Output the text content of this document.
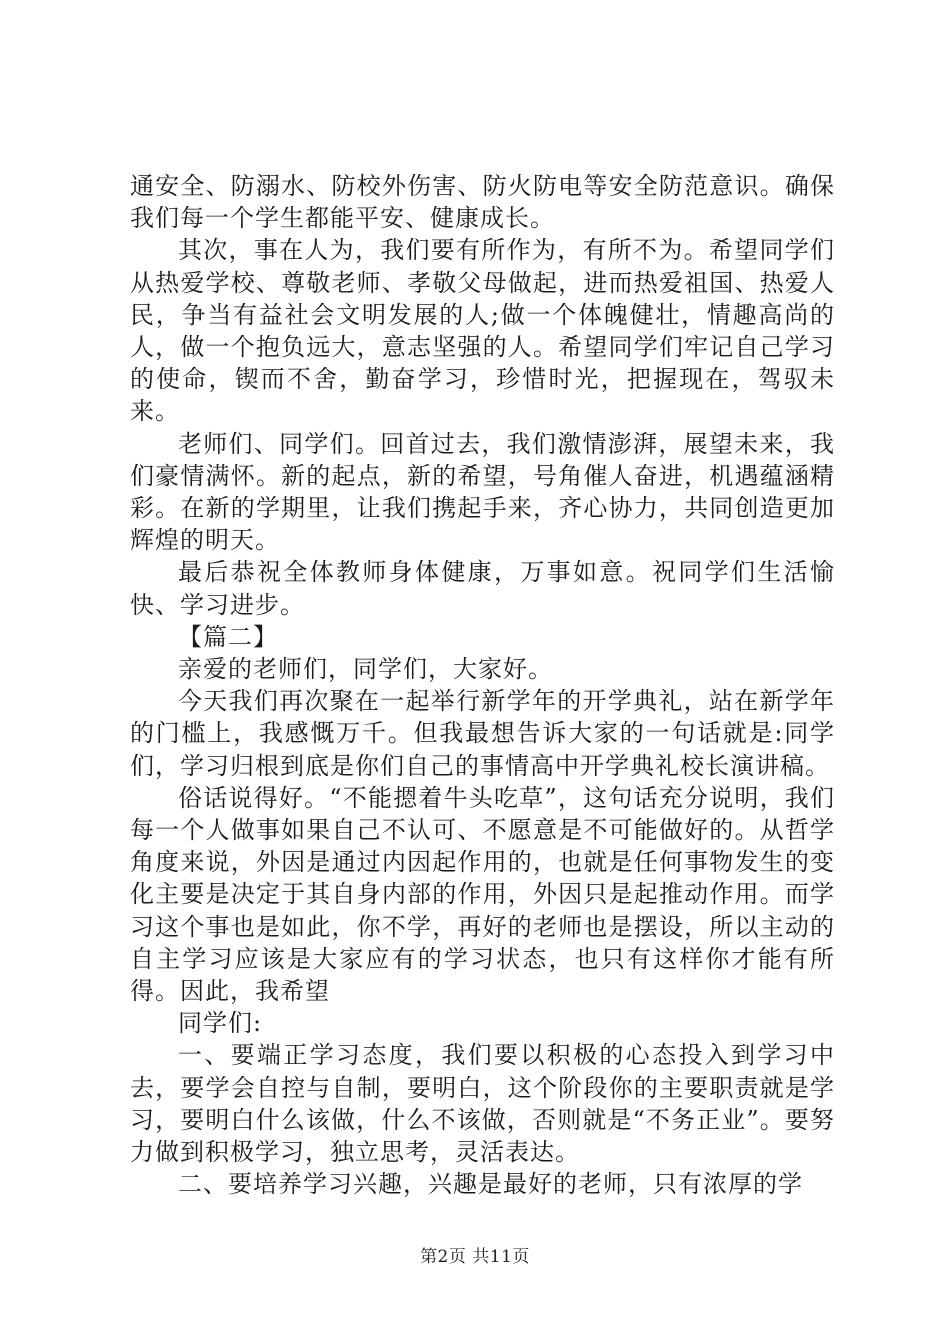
通安全、防溺水、防校外伤害、防火防电等安全防范意识。确保我们每一个学生都能平安、健康成长。

其次，事在人为，我们要有所作为，有所不为。希望同学们从热爱学校、尊敬老师、孝敬父母做起，进而热爱祖国、热爱人民，争当有益社会文明发展的人;做一个体魄健壮，情趣高尚的人，做一个抱负远大，意志坚强的人。希望同学们牢记自己学习的使命，锲而不舍，勤奋学习，珍惜时光，把握现在，驾驭未来。

老师们、同学们。回首过去，我们激情澎湃，展望未来，我们豪情满怀。新的起点，新的希望，号角催人奋进，机遇蕴涵精彩。在新的学期里，让我们携起手来，齐心协力，共同创造更加辉煌的明天。

最后恭祝全体教师身体健康，万事如意。祝同学们生活愉快、学习进步。

【篇二】

亲爱的老师们，同学们，大家好。

今天我们再次聚在一起举行新学年的开学典礼，站在新学年的门槛上，我感慨万千。但我最想告诉大家的一句话就是:同学们，学习归根到底是你们自己的事情高中开学典礼校长演讲稿。

俗话说得好。“不能摁着牛头吃草”，这句话充分说明，我们每一个人做事如果自己不认可、不愿意是不可能做好的。从哲学角度来说，外因是通过内因起作用的，也就是任何事物发生的变化主要是决定于其自身内部的作用，外因只是起推动作用。而学习这个事也是如此，你不学，再好的老师也是摆设，所以主动的自主学习应该是大家应有的学习状态，也只有这样你才能有所得。因此，我希望

同学们:

一、要端正学习态度，我们要以积极的心态投入到学习中去，要学会自控与自制，要明白，这个阶段你的主要职责就是学习，要明白什么该做，什么不该做，否则就是“不务正业”。要努力做到积极学习，独立思考，灵活表达。

二、要培养学习兴趣，兴趣是最好的老师，只有浓厚的学

第2页 共11页
